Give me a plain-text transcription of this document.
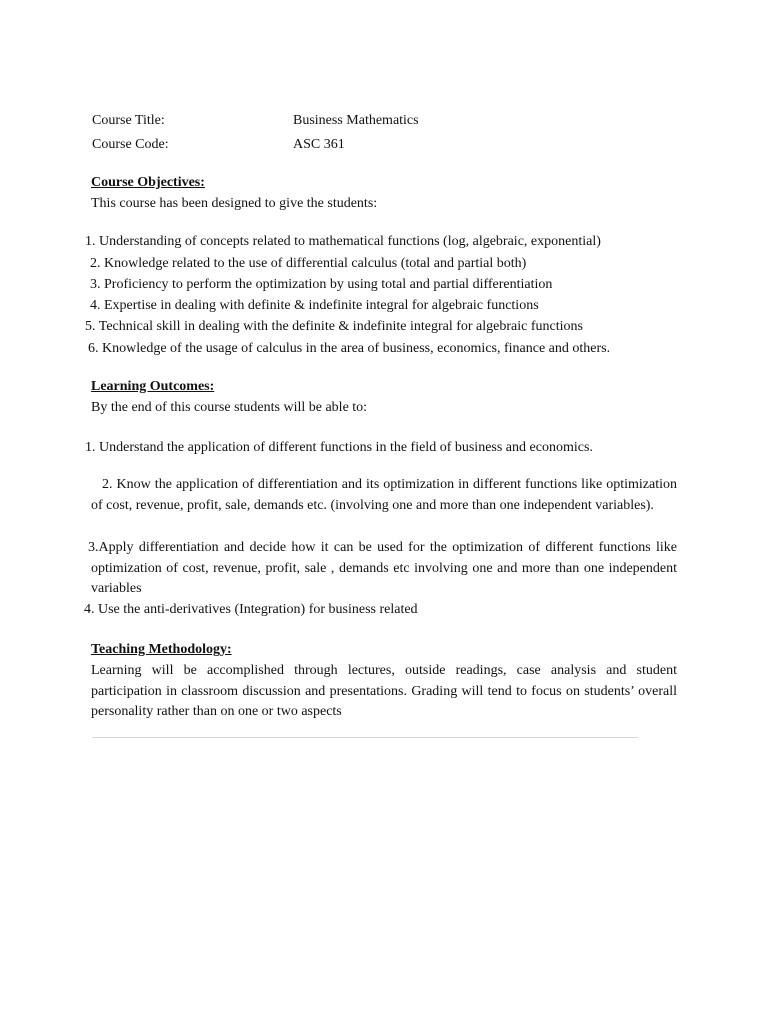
Course Title:	Business Mathematics
Course Code:	ASC 361
Course Objectives:
This course has been designed to give the students:
1. Understanding of concepts related to mathematical functions (log, algebraic, exponential)
2. Knowledge related to the use of differential calculus (total and partial both)
3. Proficiency to perform the optimization by using total and partial differentiation
4. Expertise in dealing with definite & indefinite integral for algebraic functions
5. Technical skill in dealing with the definite & indefinite integral for algebraic functions
6. Knowledge of the usage of calculus in the area of business, economics, finance and others.
Learning Outcomes:
By the end of this course students will be able to:
1. Understand the application of different functions in the field of business and economics.
2. Know the application of differentiation and its optimization in different functions like optimization of cost, revenue, profit, sale, demands etc. (involving one and more than one independent variables).
3.Apply differentiation and decide how it can be used for the optimization of different functions like optimization of cost, revenue, profit, sale , demands etc involving one and more than one independent variables
4. Use the anti-derivatives (Integration) for business related
Teaching Methodology:
Learning will be accomplished through lectures, outside readings, case analysis and student participation in classroom discussion and presentations. Grading will tend to focus on students’ overall personality rather than on one or two aspects
